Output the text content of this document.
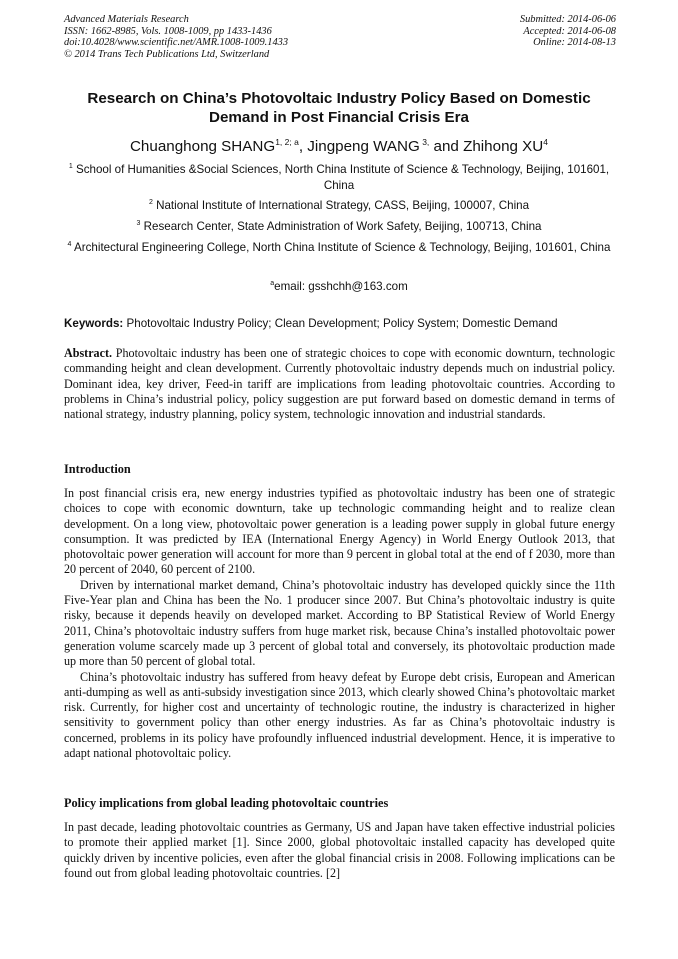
Advanced Materials Research
ISSN: 1662-8985, Vols. 1008-1009, pp 1433-1436
doi:10.4028/www.scientific.net/AMR.1008-1009.1433
© 2014 Trans Tech Publications Ltd, Switzerland
Submitted: 2014-06-06
Accepted: 2014-06-08
Online: 2014-08-13
Research on China’s Photovoltaic Industry Policy Based on Domestic Demand in Post Financial Crisis Era
Chuanghong SHANG$^{1, 2; a}$, Jingpeng WANG $^{3,}$ and Zhihong $XU^4$
$^1$ School of Humanities &Social Sciences, North China Institute of Science & Technology, Beijing, 101601, China
$^2$ National Institute of International Strategy, CASS, Beijing, 100007, China
$^3$ Research Center, State Administration of Work Safety, Beijing, 100713, China
$^4$ Architectural Engineering College, North China Institute of Science & Technology, Beijing, 101601, China
$^a$email: gsshchh@163.com
Keywords: Photovoltaic Industry Policy; Clean Development; Policy System; Domestic Demand

Abstract. Photovoltaic industry has been one of strategic choices to cope with economic downturn, technologic commanding height and clean development. Currently photovoltaic industry depends much on industrial policy. Dominant idea, key driver, Feed-in tariff are implications from leading photovoltaic countries. According to problems in China’s industrial policy, policy suggestion are put forward based on domestic demand in terms of national strategy, industry planning, policy system, technologic innovation and industrial standards.

Introduction

In post financial crisis era, new energy industries typified as photovoltaic industry has been one of strategic choices to cope with economic downturn, take up technologic commanding height and to realize clean development. On a long view, photovoltaic power generation is a leading power supply in global future energy consumption. It was predicted by IEA (International Energy Agency) in World Energy Outlook 2013, that photovoltaic power generation will account for more than 9 percent in global total at the end of f 2030, more than 20 percent of 2040, 60 percent of 2100.

Driven by international market demand, China’s photovoltaic industry has developed quickly since the 11th Five-Year plan and China has been the No. 1 producer since 2007. But China’s photovoltaic industry is quite risky, because it depends heavily on developed market. According to BP Statistical Review of World Energy 2011, China’s photovoltaic industry suffers from huge market risk, because China’s installed photovoltaic power generation volume scarcely made up 3 percent of global total and conversely, its photovoltaic production made up more than 50 percent of global total.

China’s photovoltaic industry has suffered from heavy defeat by Europe debt crisis, European and American anti-dumping as well as anti-subsidy investigation since 2013, which clearly showed China’s photovoltaic market risk. Currently, for higher cost and uncertainty of technologic routine, the industry is characterized in higher sensitivity to government policy than other energy industries. As far as China’s photovoltaic industry is concerned, problems in its policy have profoundly influenced industrial development. Hence, it is imperative to adapt national photovoltaic policy.

Policy implications from global leading photovoltaic countries

In past decade, leading photovoltaic countries as Germany, US and Japan have taken effective industrial policies to promote their applied market [1]. Since 2000, global photovoltaic installed capacity has developed quite quickly driven by incentive policies, even after the global financial crisis in 2008. Following implications can be found out from global leading photovoltaic countries. [2]
